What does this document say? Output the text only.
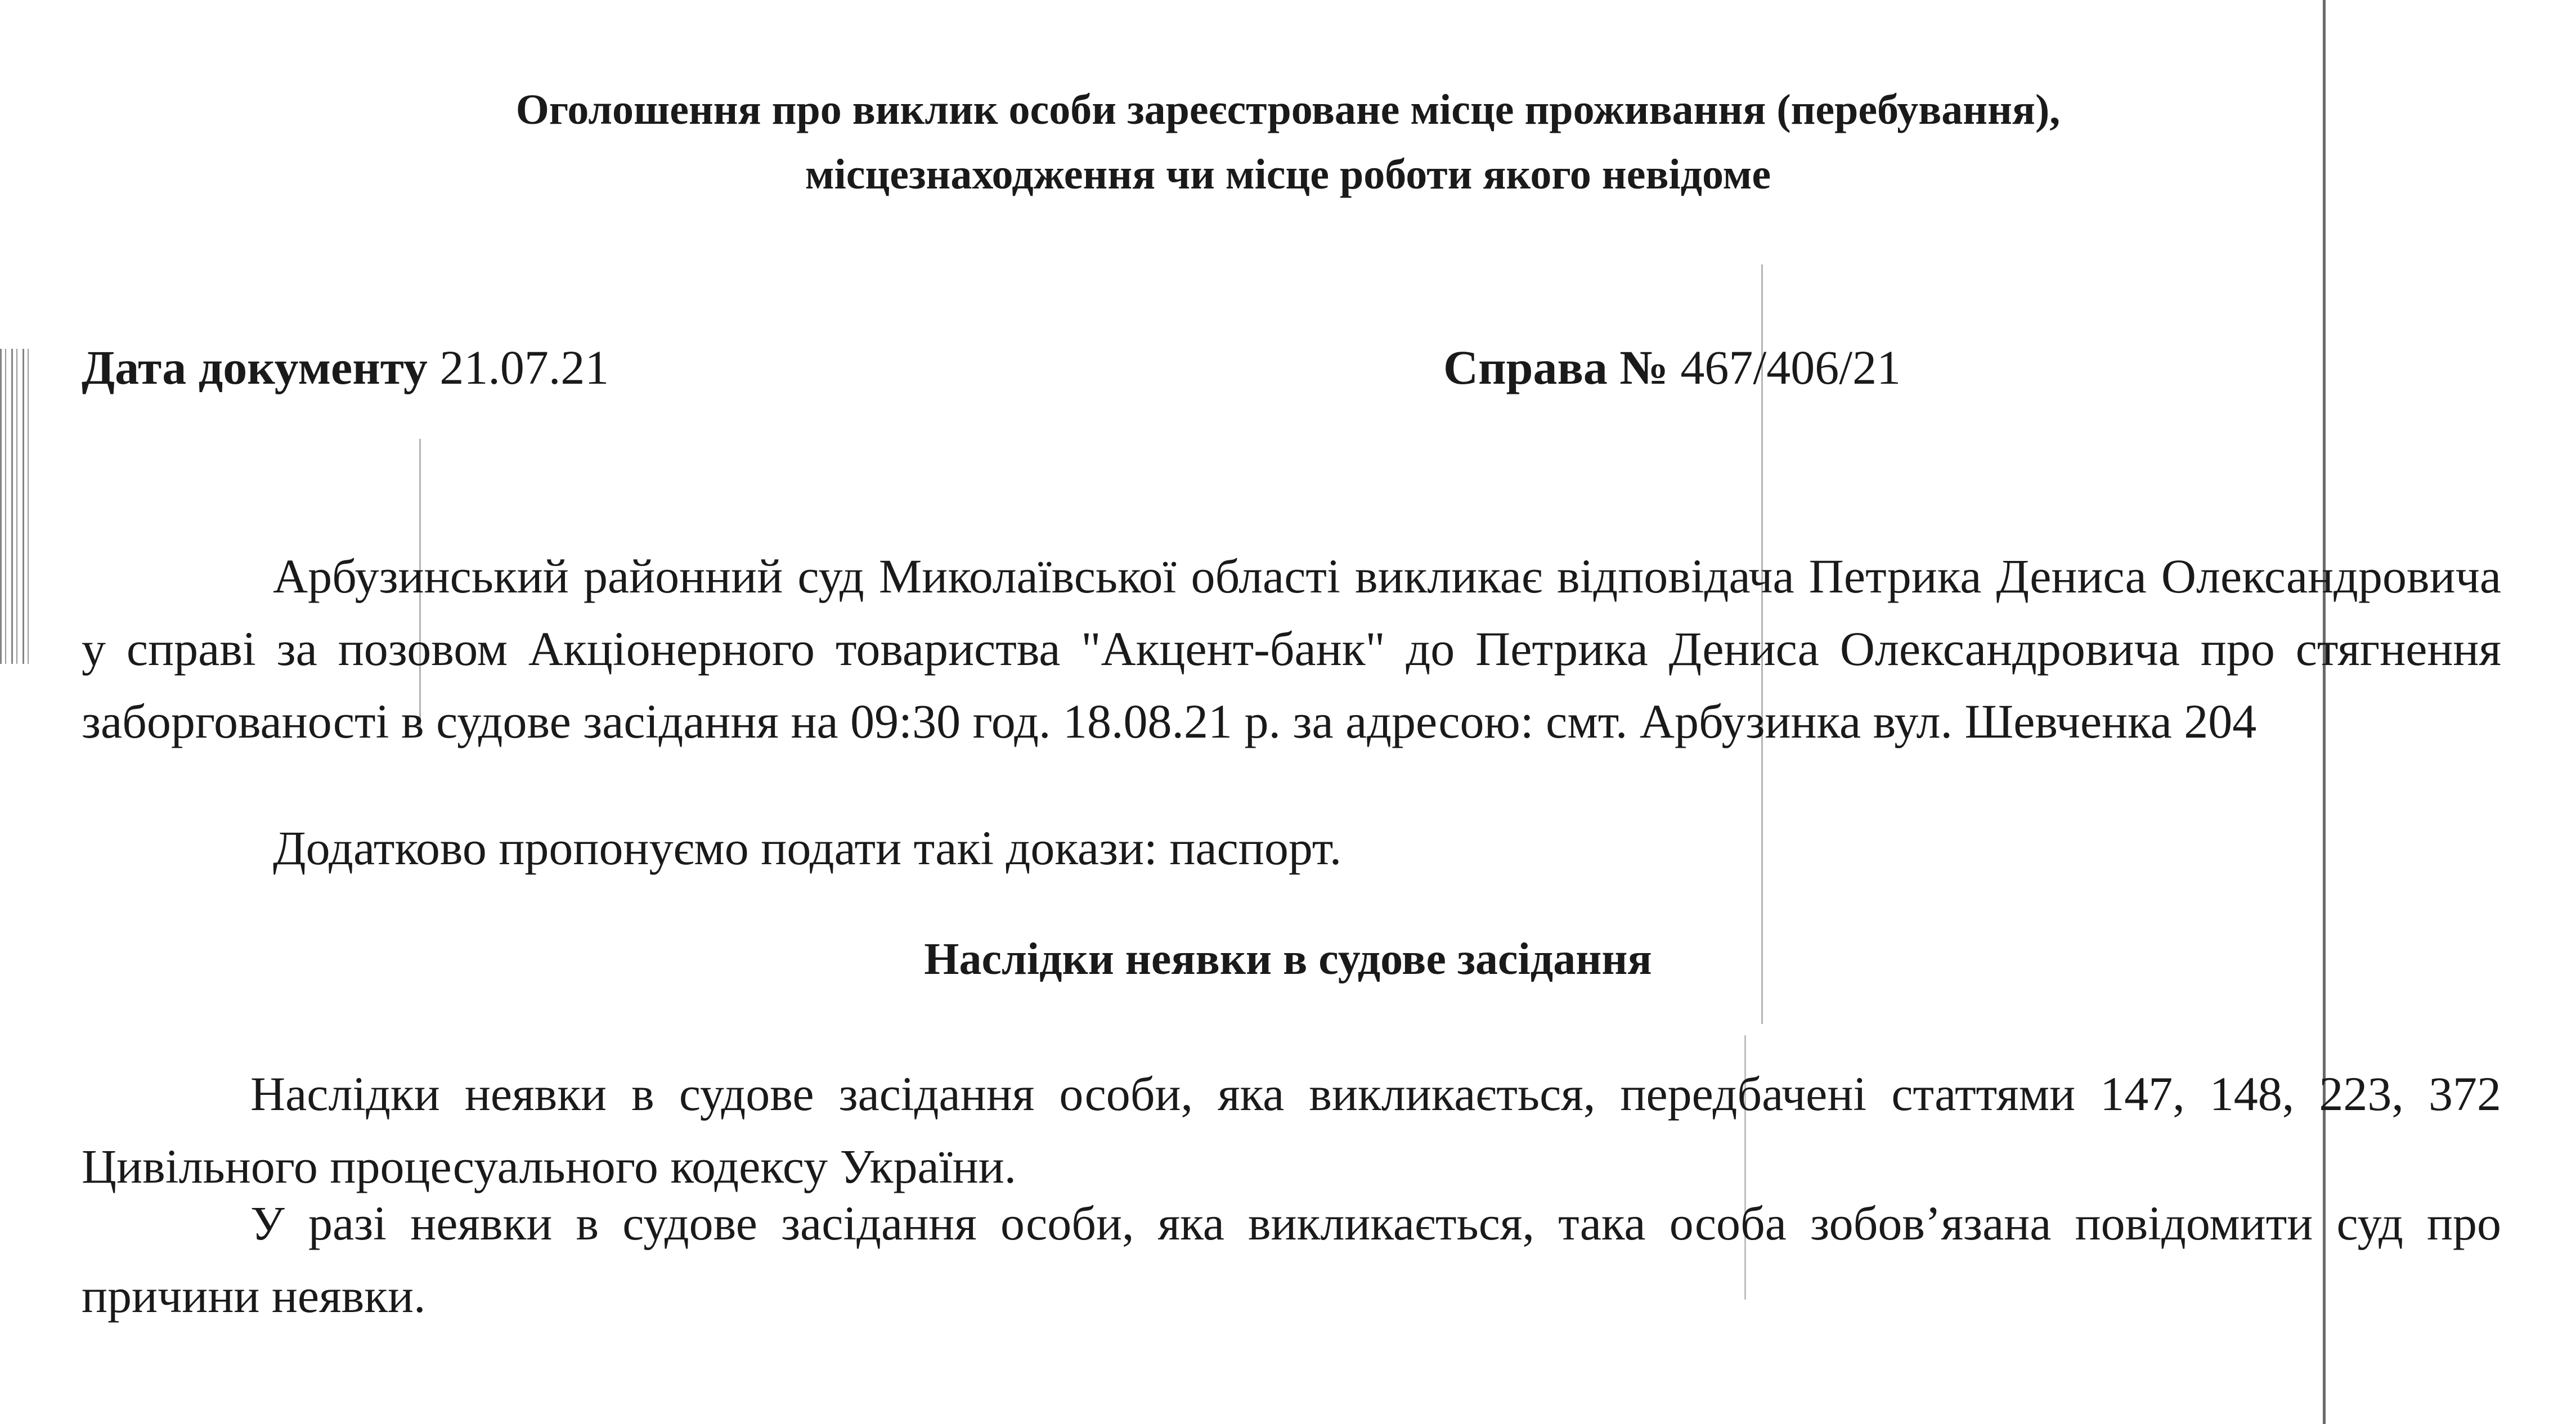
Оголошення про виклик особи зареєстроване місце проживання (перебування),
місцезнаходження чи місце роботи якого невідоме
Дата документу 21.07.21	Справа № 467/406/21
Арбузинський районний суд Миколаївської області викликає відповідача Петрика Дениса Олександровича у справі за позовом Акціонерного товариства "Акцент-банк" до Петрика Дениса Олександровича про стягнення заборгованості в судове засідання на 09:30 год. 18.08.21 р. за адресою: смт. Арбузинка вул. Шевченка 204
Додатково пропонуємо подати такі докази: паспорт.
Наслідки неявки в судове засідання
Наслідки неявки в судове засідання особи, яка викликається, передбачені статтями 147, 148, 223, 372 Цивільного процесуального кодексу України.
У разі неявки в судове засідання особи, яка викликається, така особа зобов’язана повідомити суд про причини неявки.
